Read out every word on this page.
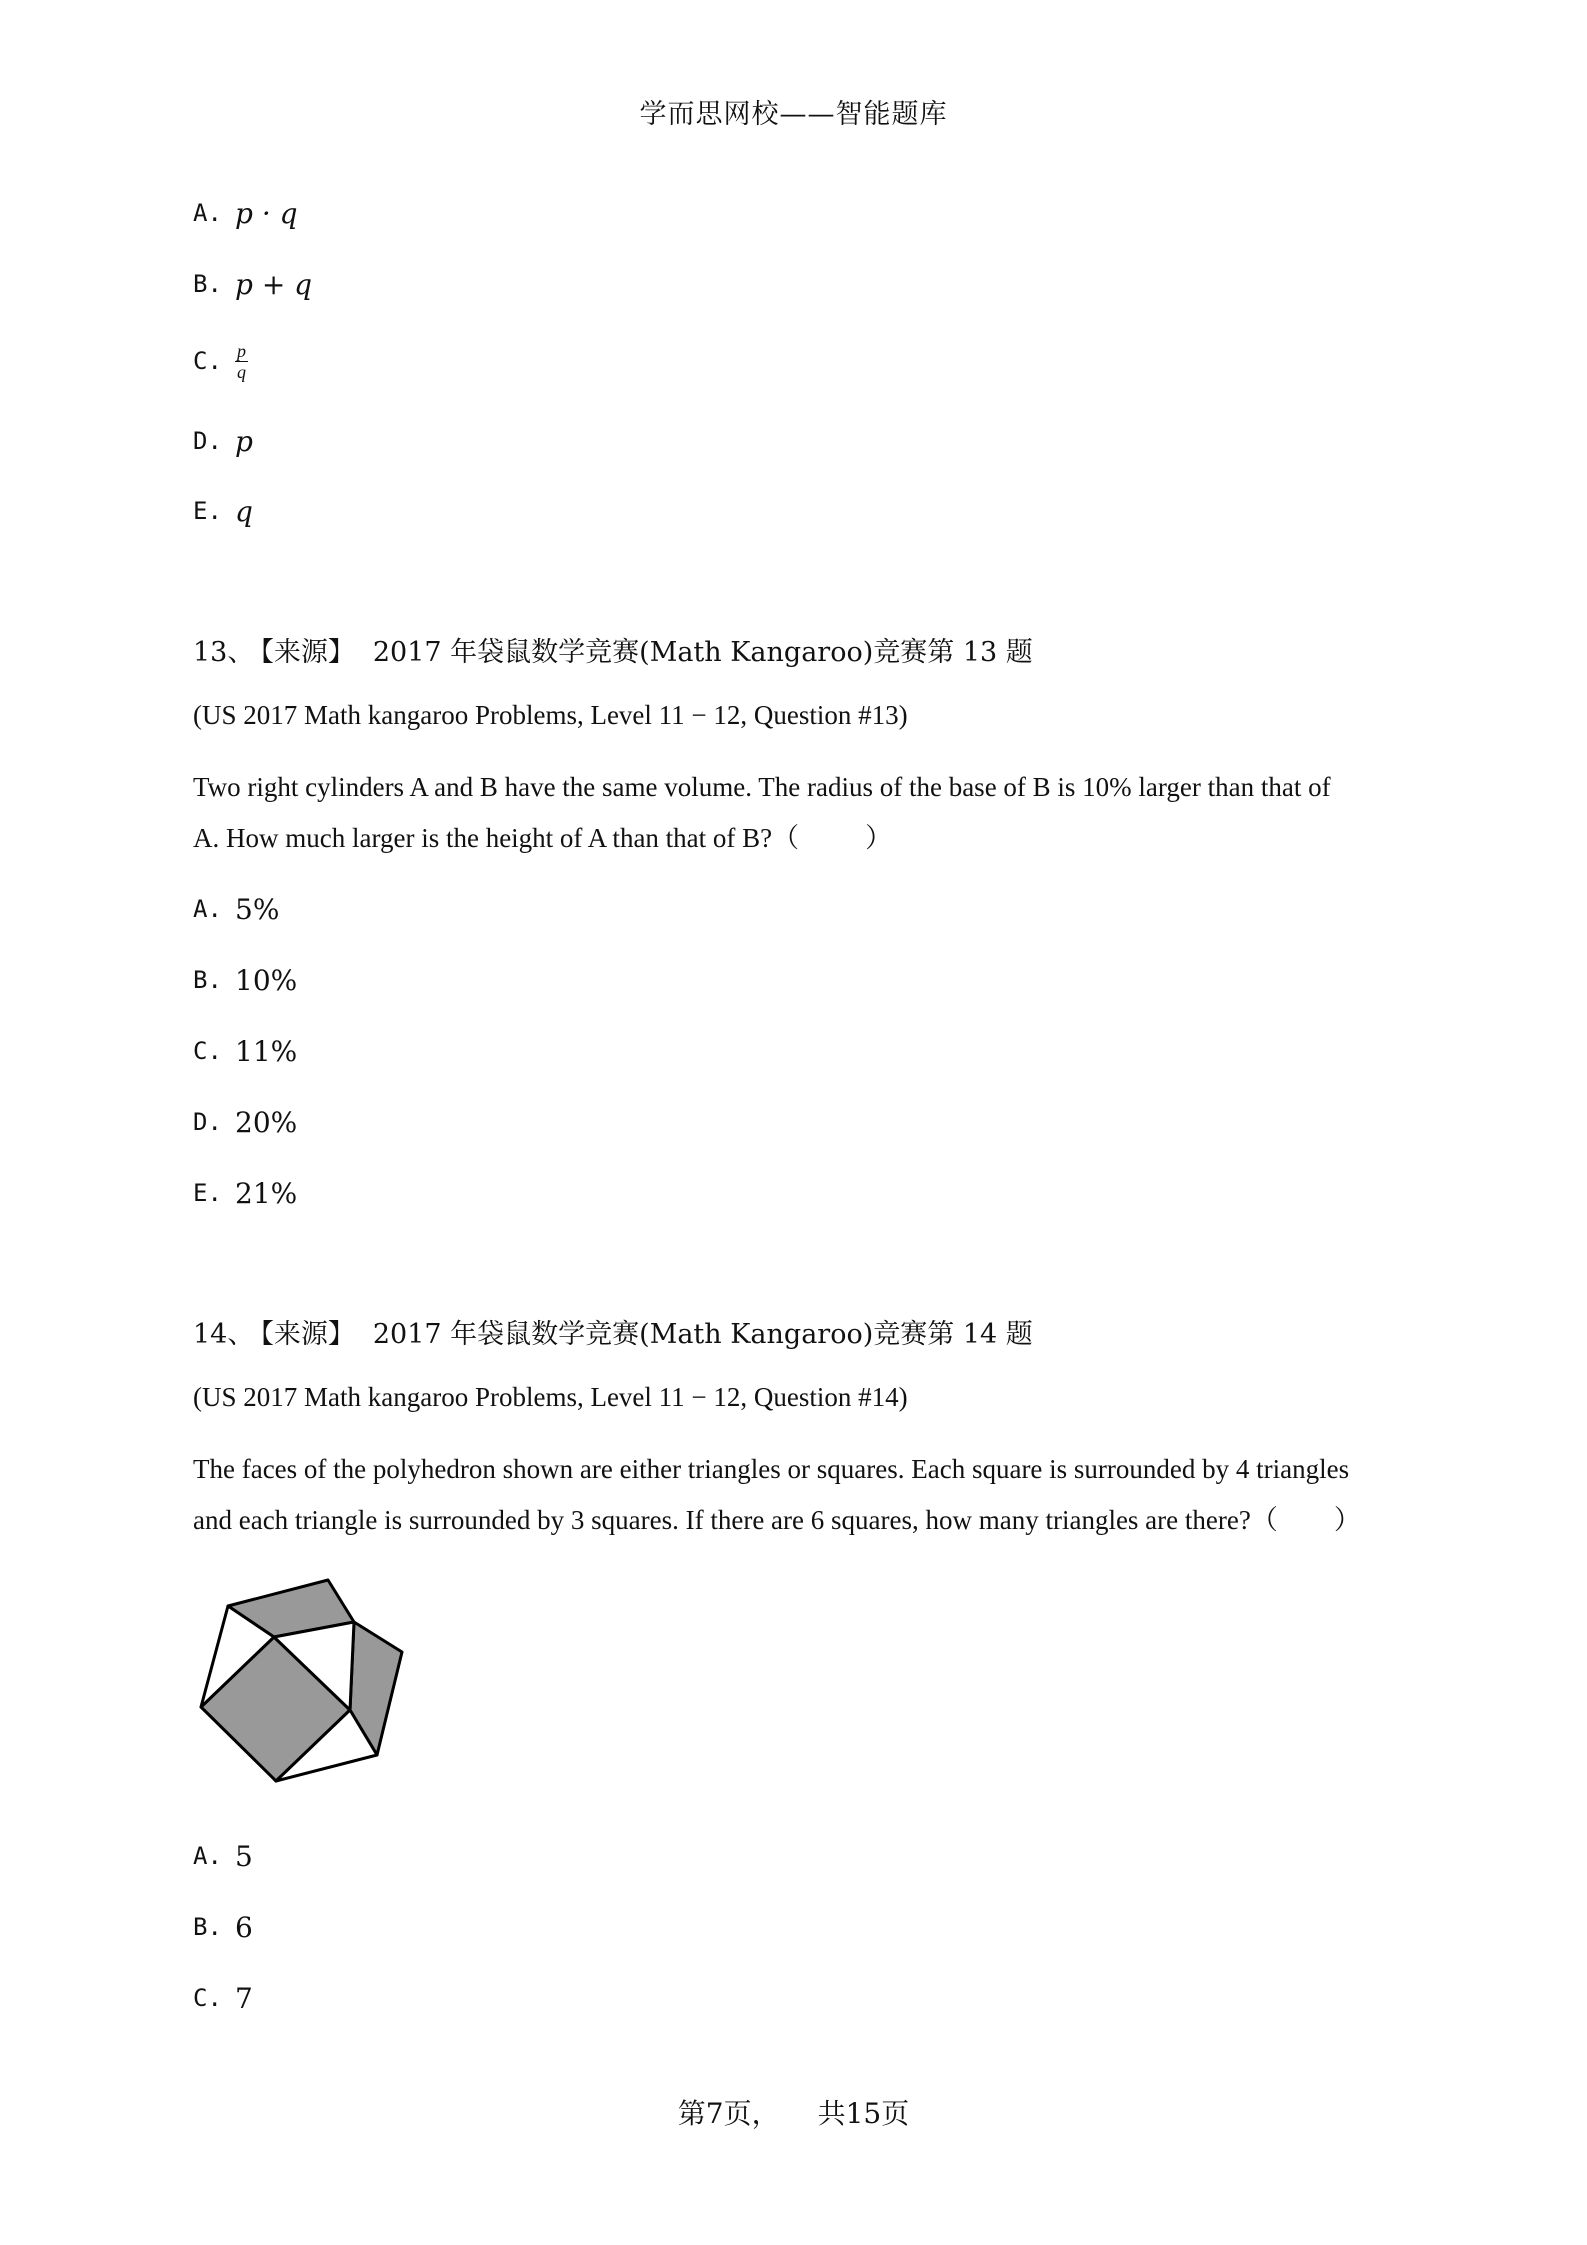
学而思网校——智能题库
A. p · q
B. p + q
C. $\frac{p}{q}$
D. p
E. q
13、 【来源】 2017 年袋鼠数学竞赛(Math Kangaroo)竞赛第 13 题
(US 2017 Math kangaroo Problems, Level 11 − 12, Question #13)
Two right cylinders A and B have the same volume. The radius of the base of B is 10% larger than that of
A. How much larger is the height of A than that of B?（ ）
A. 5%
B. 10%
C. 11%
D. 20%
E. 21%
14、 【来源】 2017 年袋鼠数学竞赛(Math Kangaroo)竞赛第 14 题
(US 2017 Math kangaroo Problems, Level 11 − 12, Question #14)
The faces of the polyhedron shown are either triangles or squares. Each square is surrounded by 4 triangles
and each triangle is surrounded by 3 squares. If there are 6 squares, how many triangles are there?（ ）
A. 5
B. 6
C. 7
第7页， 共15页
